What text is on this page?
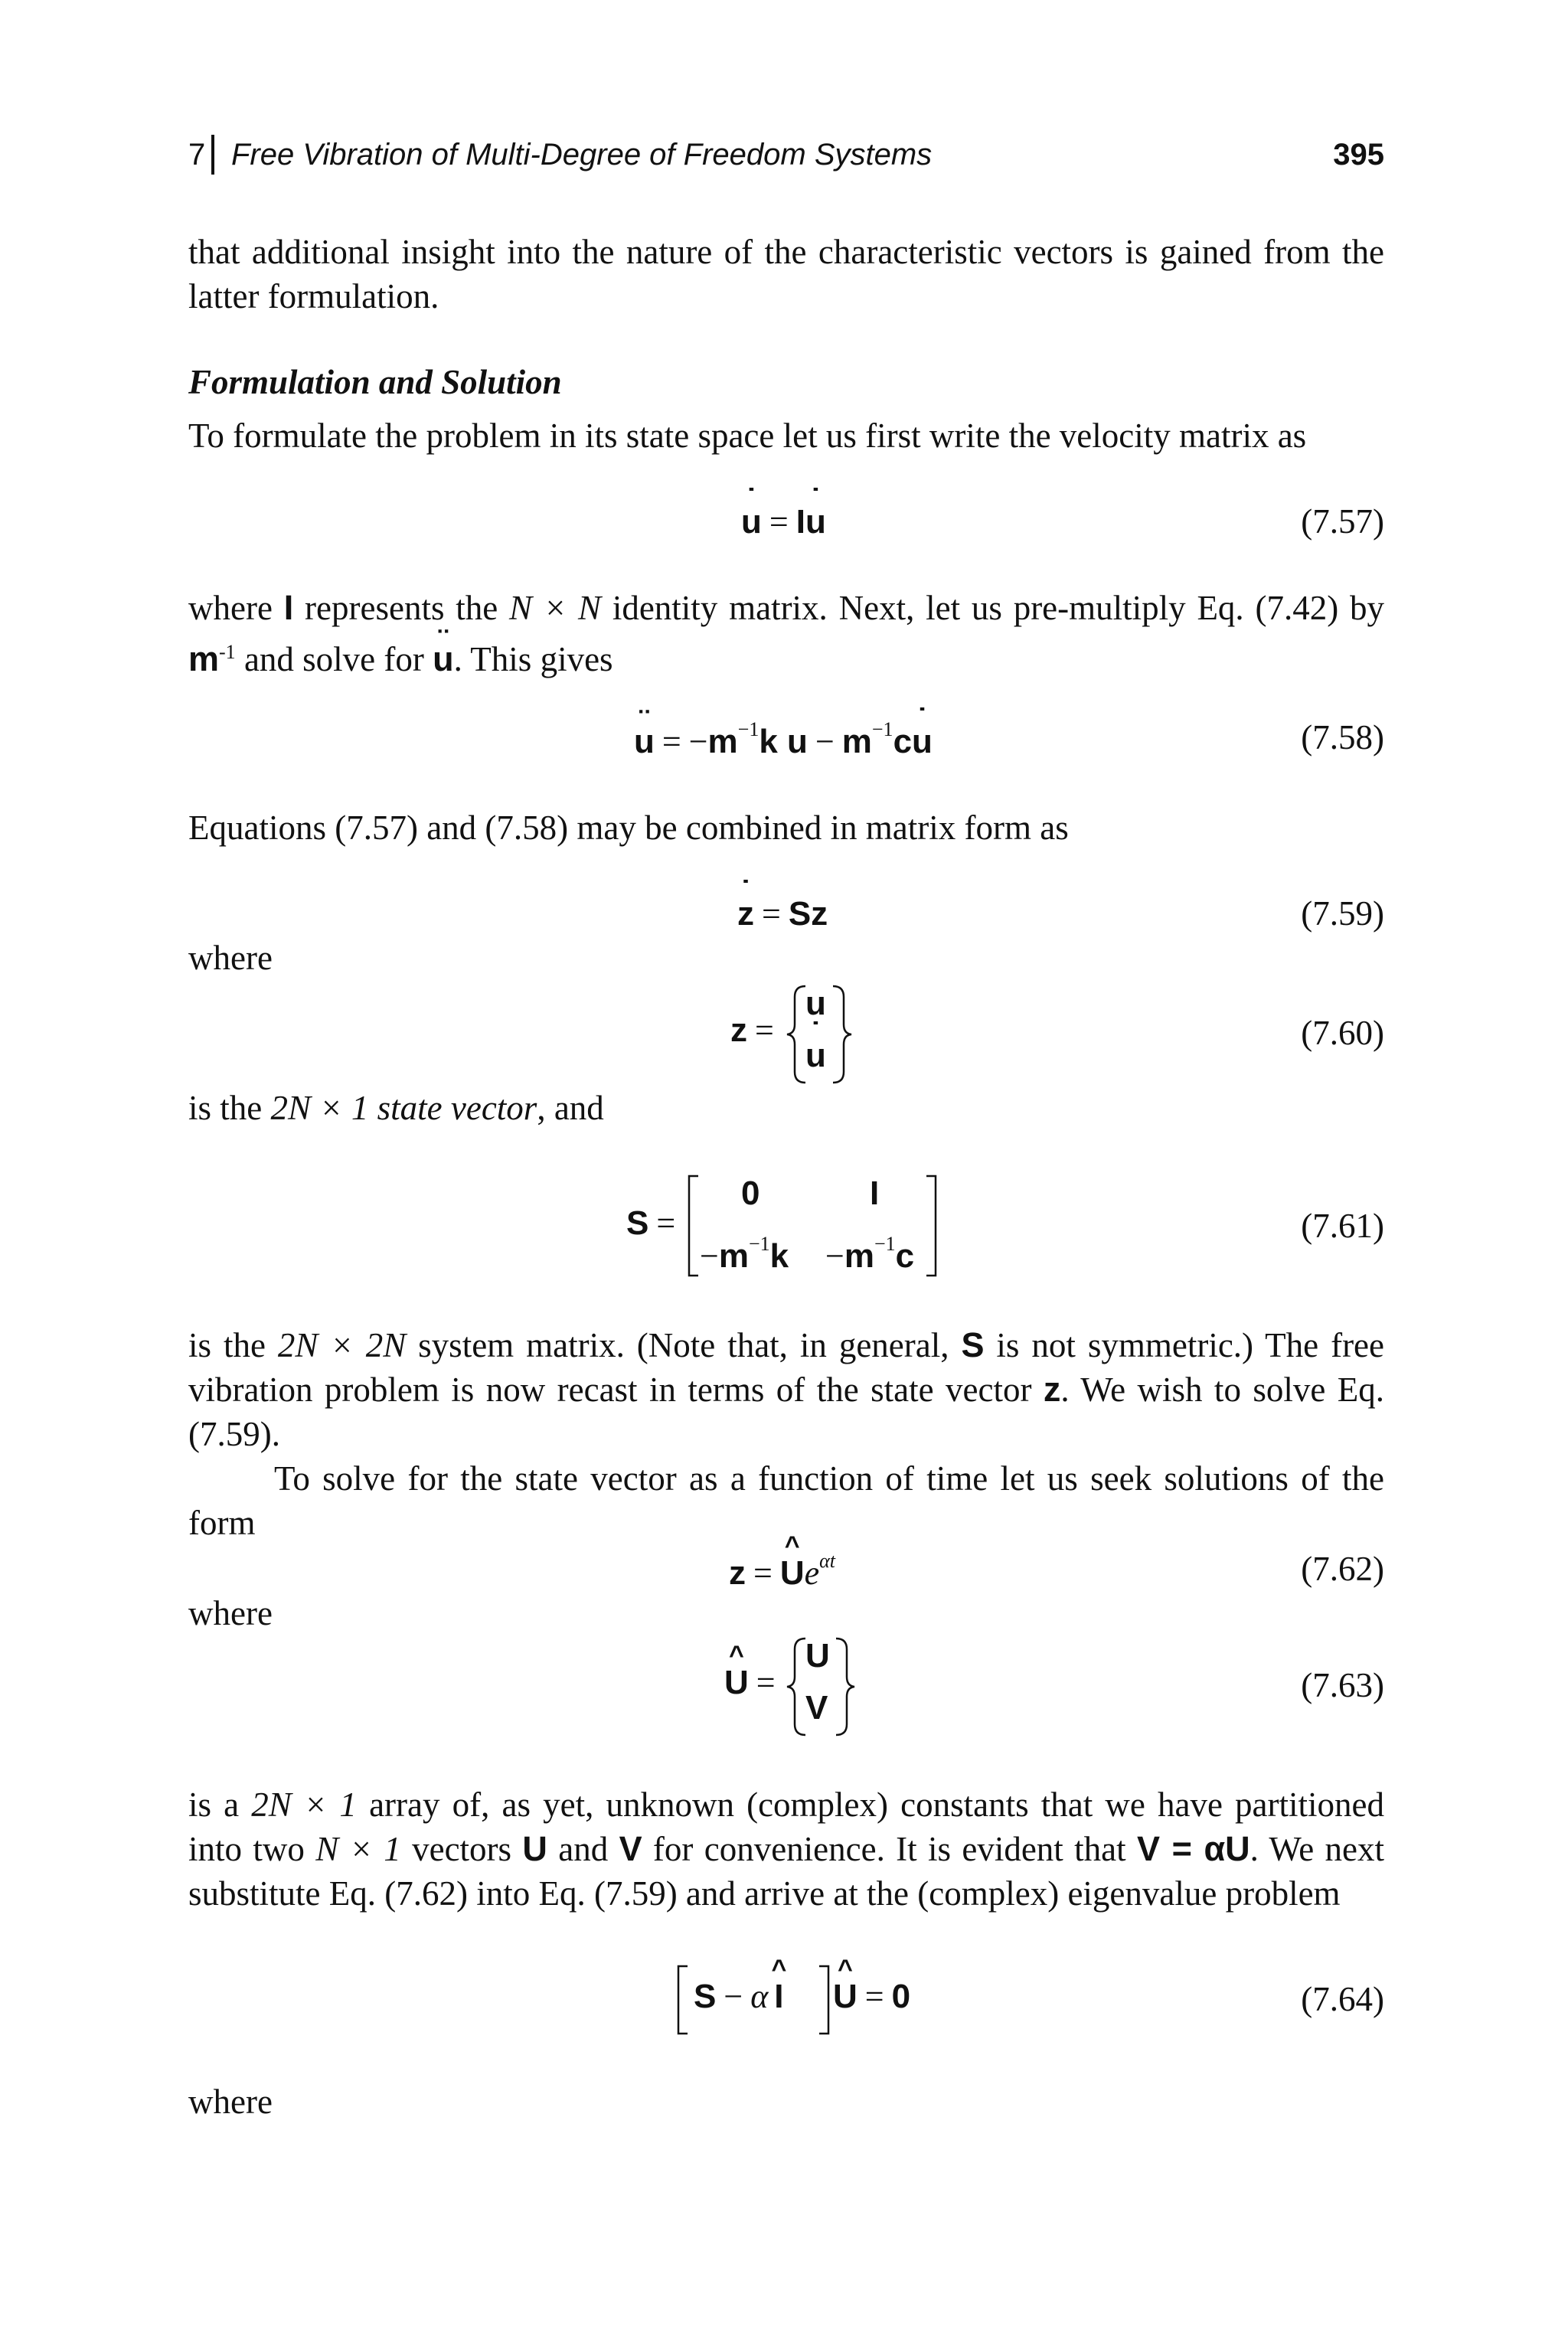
7 Free Vibration of Multi-Degree of Freedom Systems	395
that additional insight into the nature of the characteristic vectors is gained from the
latter formulation.
Formulation and Solution
To formulate the problem in its state space let us first write the velocity matrix as
u ˙ = Iu ˙	(7.57)
where I represents the N × N identity matrix. Next, let us pre-multiply Eq. (7.42) by
$m^{-1}$ and solve for u ¨. This gives
u ¨ = $-m^{-1}k$ $u - m^{-1}cu$ ˙	(7.58)
Equations (7.57) and (7.58) may be combined in matrix form as
z ˙ = Sz	(7.59)
where
z =
u
u ˙
(7.60)
is the 2N × 1 state vector, and
S =
0	I
$-m^{-1}k -m^{-1}c$
(7.61)
is the 2N × 2N system matrix. (Note that, in general, S is not symmetric.) The free
vibration problem is now recast in terms of the state vector z. We wish to solve Eq.
(7.59).
To solve for the state vector as a function of time let us seek solutions of the
form
z = U $\^{}e^{\alpha t}$	(7.62)
where
U ^ =
U
V
(7.63)
is a 2N × 1 array of, as yet, unknown (complex) constants that we have partitioned
into two N × 1 vectors U and V for convenience. It is evident that V = αU. We next
substitute Eq. (7.62) into Eq. (7.59) and arrive at the (complex) eigenvalue problem
S − α I ^ U ^ = 0	(7.64)
where
